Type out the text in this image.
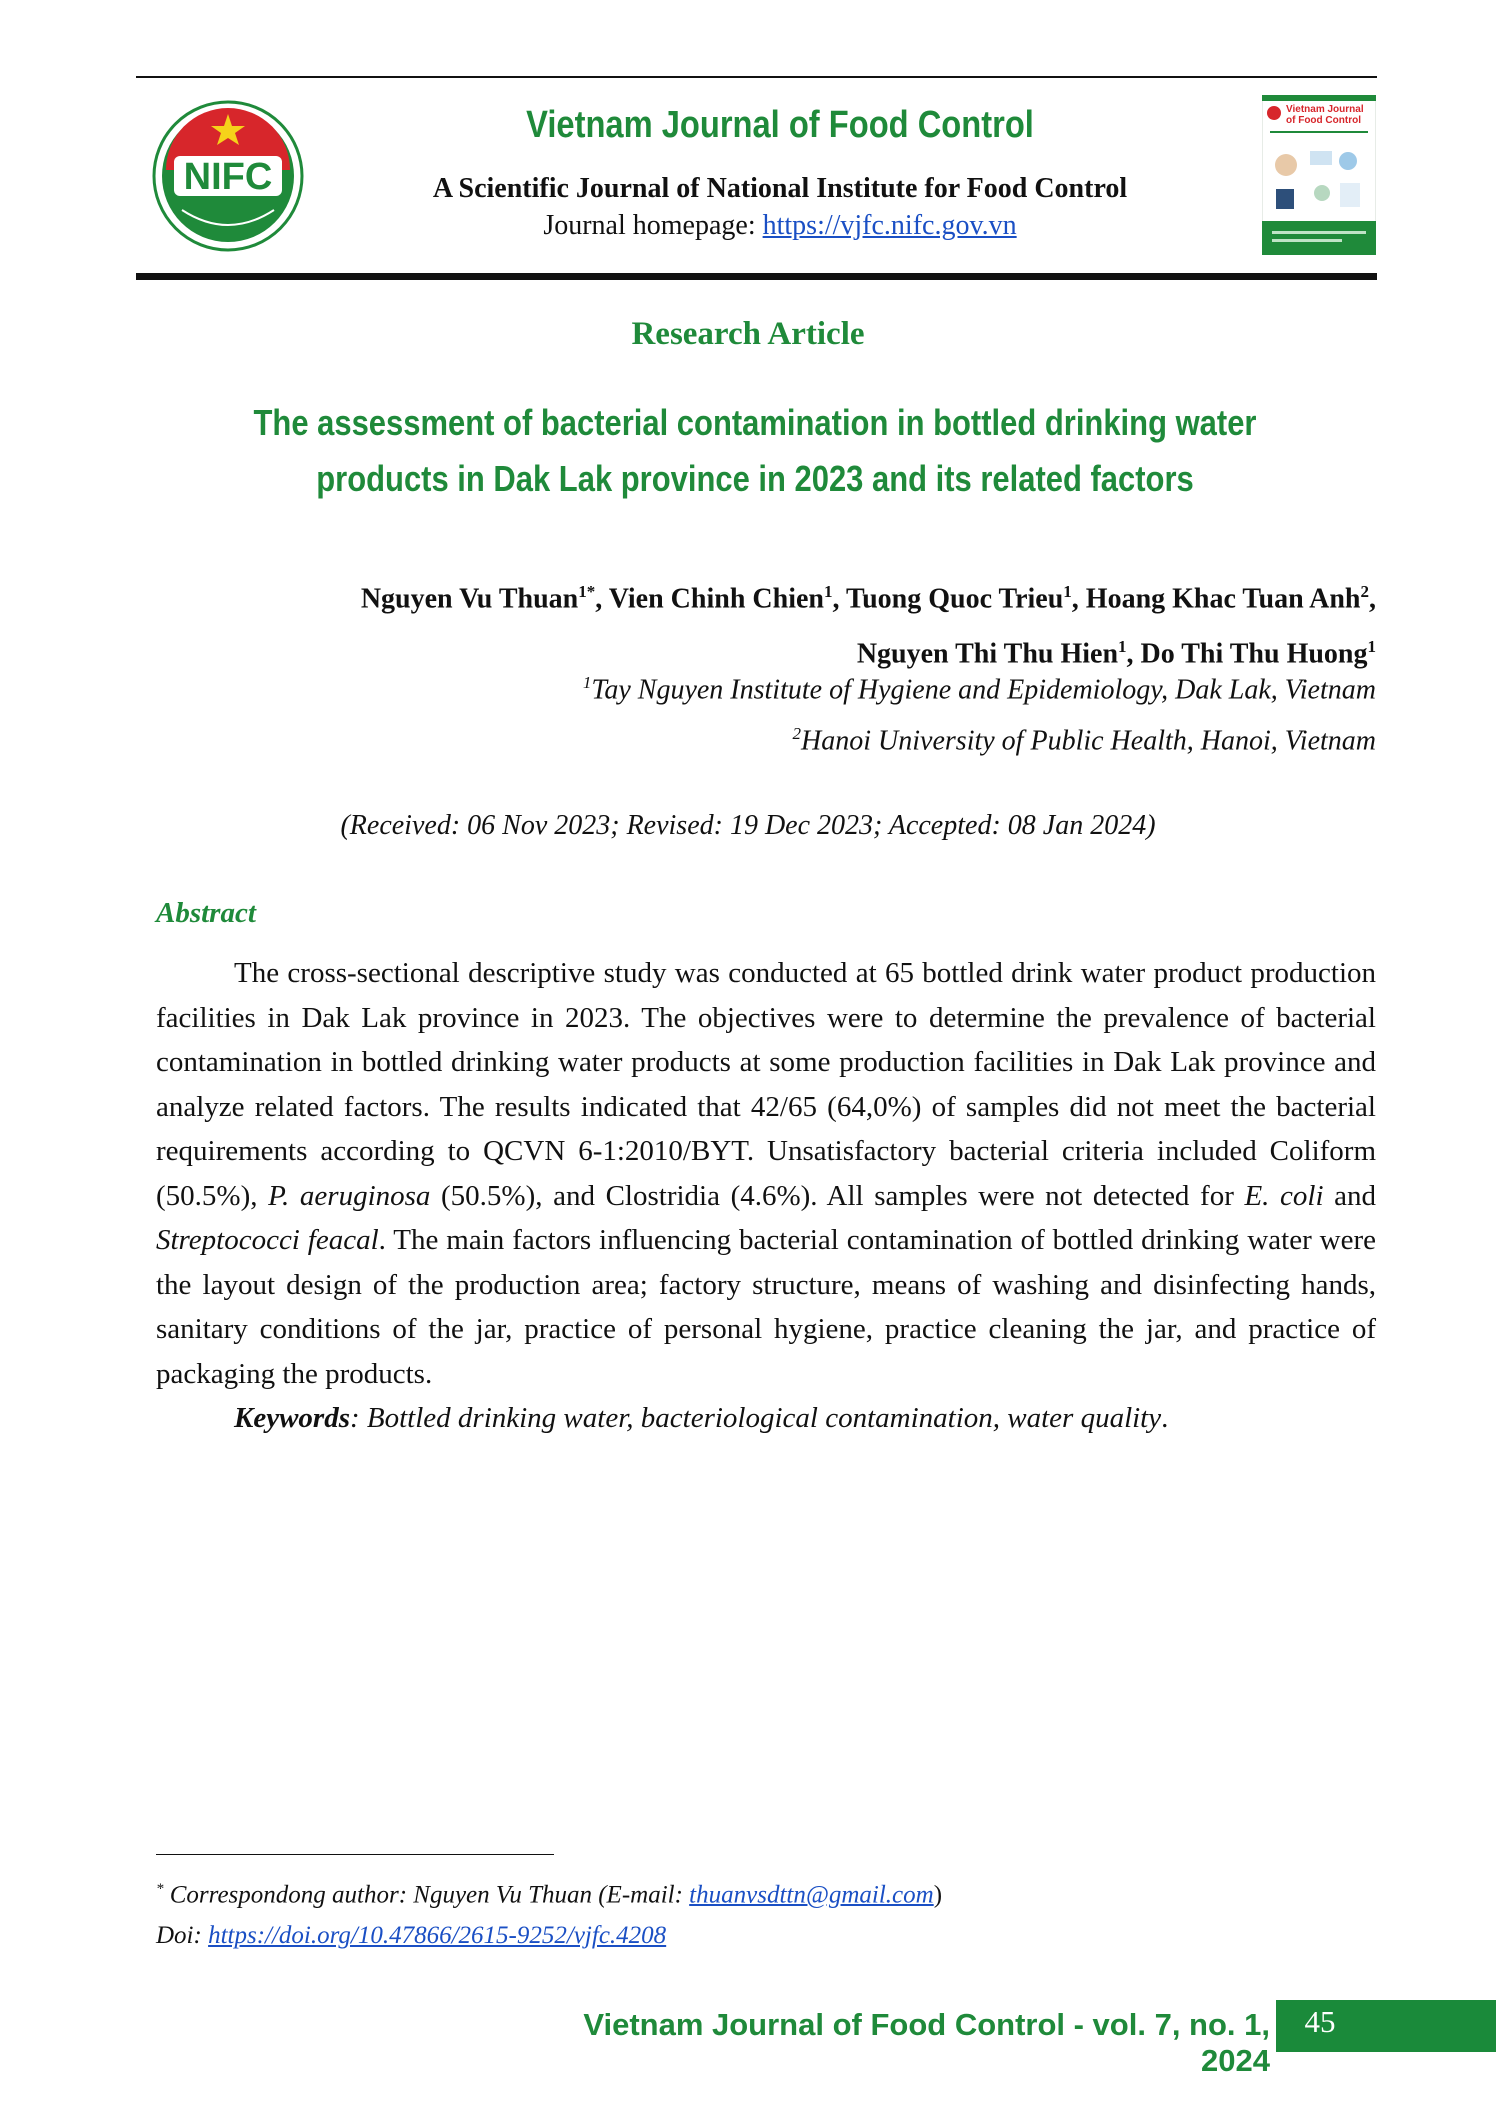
NIFC
Vietnam Journal of Food Control
A Scientific Journal of National Institute for Food Control
Journal homepage: https://vjfc.nifc.gov.vn
Vietnam Journal
of Food Control
Research Article
The assessment of bacterial contamination in bottled drinking water products in Dak Lak province in 2023 and its related factors
Nguyen Vu Thuan$^{1*}$, Vien Chinh Chien$^1$, Tuong Quoc Trieu$^1$, Hoang Khac Tuan Anh$^2$,
Nguyen Thi Thu Hien$^1$, Do Thi Thu Huong$^1$
$^1$Tay Nguyen Institute of Hygiene and Epidemiology, Dak Lak, Vietnam
$^2$Hanoi University of Public Health, Hanoi, Vietnam
(Received: 06 Nov 2023; Revised: 19 Dec 2023; Accepted: 08 Jan 2024)
Abstract

The cross-sectional descriptive study was conducted at 65 bottled drink water product production facilities in Dak Lak province in 2023. The objectives were to determine the prevalence of bacterial contamination in bottled drinking water products at some production facilities in Dak Lak province and analyze related factors. The results indicated that 42/65 (64,0%) of samples did not meet the bacterial requirements according to QCVN 6-1:2010/BYT. Unsatisfactory bacterial criteria included Coliform (50.5%), P. aeruginosa (50.5%), and Clostridia (4.6%). All samples were not detected for E. coli and Streptococci feacal. The main factors influencing bacterial contamination of bottled drinking water were the layout design of the production area; factory structure, means of washing and disinfecting hands, sanitary conditions of the jar, practice of personal hygiene, practice cleaning the jar, and practice of packaging the products.

Keywords: Bottled drinking water, bacteriological contamination, water quality.

* Correspondong author: Nguyen Vu Thuan (E-mail: thuanvsdttn@gmail.com)
Doi: https://doi.org/10.47866/2615-9252/vjfc.4208
Vietnam Journal of Food Control - vol. 7, no. 1, 2024
45
